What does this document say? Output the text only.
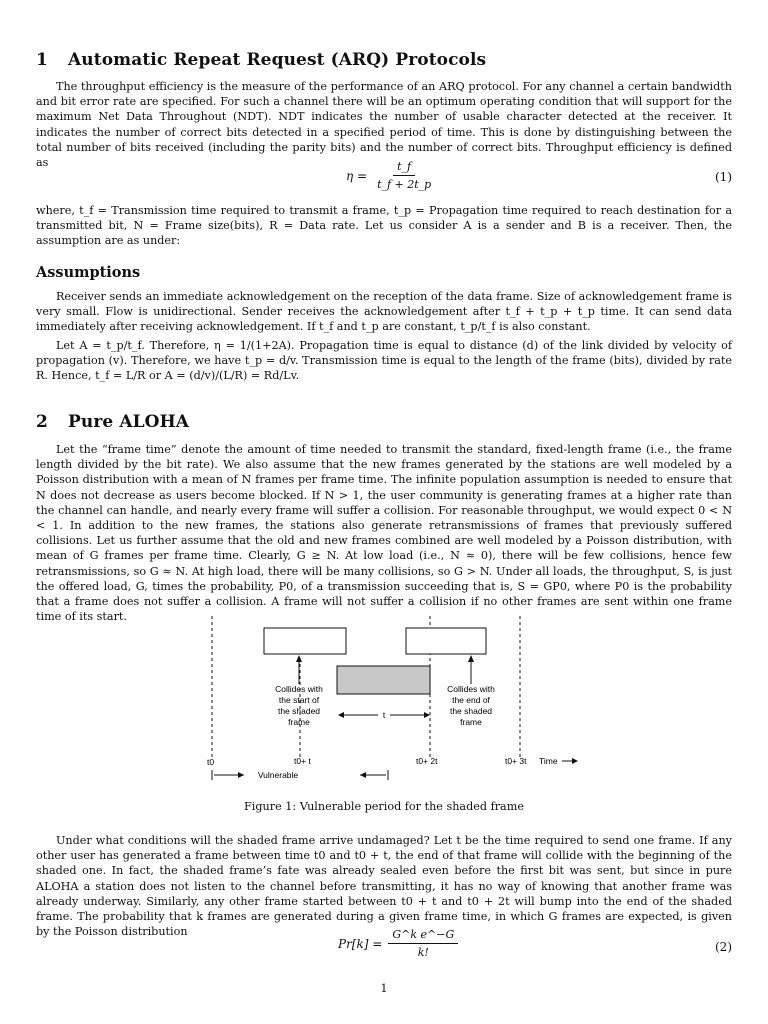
1 Automatic Repeat Request (ARQ) Protocols
The throughput efficiency is the measure of the performance of an ARQ protocol. For any channel a certain bandwidth and bit error rate are specified. For such a channel there will be an optimum operating condition that will support for the maximum Net Data Throughout (NDT). NDT indicates the number of usable character detected at the receiver. It indicates the number of correct bits detected in a specified period of time. This is done by distinguishing between the total number of bits received (including the parity bits) and the number of correct bits. Throughput efficiency is defined as
$\eta = \frac{t\_f}{t\_f + 2t\_p}$	(1)
where, t_f = Transmission time required to transmit a frame, t_p = Propagation time required to reach destination for a transmitted bit, N = Frame size(bits), R = Data rate. Let us consider A is a sender and B is a receiver. Then, the assumption are as under:
Assumptions
Receiver sends an immediate acknowledgement on the reception of the data frame. Size of acknowledgement frame is very small. Flow is unidirectional. Sender receives the acknowledgement after t_f + t_p + t_p time. It can send data immediately after receiving acknowledgement. If t_f and t_p are constant, t_p/t_f is also constant.
Let A = t_p/t_f. Therefore, η = 1/(1+2A). Propagation time is equal to distance (d) of the link divided by velocity of propagation (v). Therefore, we have t_p = d/v. Transmission time is equal to the length of the frame (bits), divided by rate R. Hence, t_f = L/R or A = (d/v)/(L/R) = Rd/Lv.
2 Pure ALOHA
Let the “frame time” denote the amount of time needed to transmit the standard, fixed-length frame (i.e., the frame length divided by the bit rate). We also assume that the new frames generated by the stations are well modeled by a Poisson distribution with a mean of N frames per frame time. The infinite population assumption is needed to ensure that N does not decrease as users become blocked. If N > 1, the user community is generating frames at a higher rate than the channel can handle, and nearly every frame will suffer a collision. For reasonable throughput, we would expect 0 < N < 1. In addition to the new frames, the stations also generate retransmissions of frames that previously suffered collisions. Let us further assume that the old and new frames combined are well modeled by a Poisson distribution, with mean of G frames per frame time. Clearly, G ≥ N. At low load (i.e., N ≈ 0), there will be few collisions, hence few retransmissions, so G ≈ N. At high load, there will be many collisions, so G > N. Under all loads, the throughput, S, is just the offered load, G, times the probability, P0, of a transmission succeeding that is, S = GP0, where P0 is the probability that a frame does not suffer a collision. A frame will not suffer a collision if no other frames are sent within one frame time of its start.
Collides with
the start of
the shaded
frame
Collides with
the end of
the shaded
frame
t
t0	t0+ t	t0+ 2t	t0+ 3t Time
Vulnerable
Figure 1: Vulnerable period for the shaded frame
Under what conditions will the shaded frame arrive undamaged? Let t be the time required to send one frame. If any other user has generated a frame between time t0 and t0 + t, the end of that frame will collide with the beginning of the shaded one. In fact, the shaded frame’s fate was already sealed even before the first bit was sent, but since in pure ALOHA a station does not listen to the channel before transmitting, it has no way of knowing that another frame was already underway. Similarly, any other frame started between t0 + t and t0 + 2t will bump into the end of the shaded frame. The probability that k frames are generated during a given frame time, in which G frames are expected, is given by the Poisson distribution
$Pr[k] = \frac{\text{G\textasciicircum{}k e\textasciicircum{}−G}}{k!}$	(2)
1
